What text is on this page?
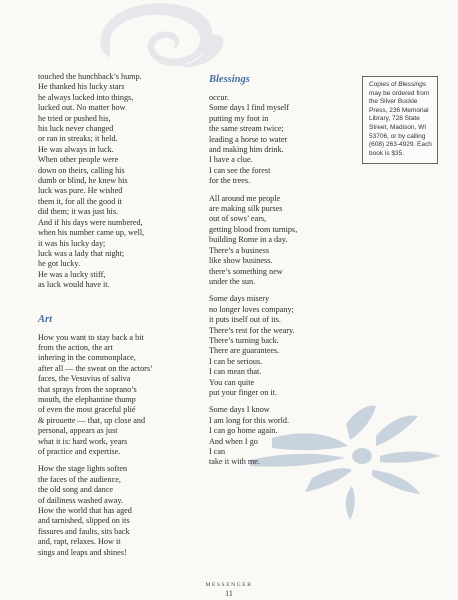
touched the hunchback’s hump.
He thanked his lucky stars
he always lucked into things,
lucked out. No matter how
he tried or pushed his,
his luck never changed
or ran in streaks; it held.
He was always in luck.
When other people were
down on theirs, calling his
dumb or blind, he knew his
luck was pure. He wished
them it, for all the good it
did them; it was just his.
And if his days were numbered,
when his number came up, well,
it was his lucky day;
luck was a lady that night;
he got lucky.
He was a lucky stiff,
as luck would have it.
Art
How you want to stay back a bit
from the action, the art
inhering in the commonplace,
after all — the sweat on the actors’
faces, the Vesuvius of saliva
that sprays from the soprano’s
mouth, the elephantine thump
of even the most graceful plié
& pirouette — that, up close and
personal, appears as just
what it is: hard work, years
of practice and expertise.
How the stage lights soften
the faces of the audience,
the old song and dance
of dailiness washed away.
How the world that has aged
and tarnished, slipped on its
fissures and faults, sits back
and, rapt, relaxes. How it
sings and leaps and shines!
Blessings
occur.
Some days I find myself
putting my foot in
the same stream twice;
leading a horse to water
and making him drink.
I have a clue.
I can see the forest
for the trees.
All around me people
are making silk purses
out of sows’ ears,
getting blood from turnips,
building Rome in a day.
There’s a business
like show business.
there’s something new
under the sun.
Some days misery
no longer loves company;
it puts itself out of its.
There’s rest for the weary.
There’s turning back.
There are guarantees.
I can be serious.
I can mean that.
You can quite
put your finger on it.
Some days I know
I am long for this world.
I can go home again.
And when I go
I can
take it with me.
Copies of Blessings may be ordered from the Silver Buckle Press, 236 Memorial Library, 728 State Street, Madison, WI 53706, or by calling (608) 263-4929. Each book is $35.
MESSENGER
11
